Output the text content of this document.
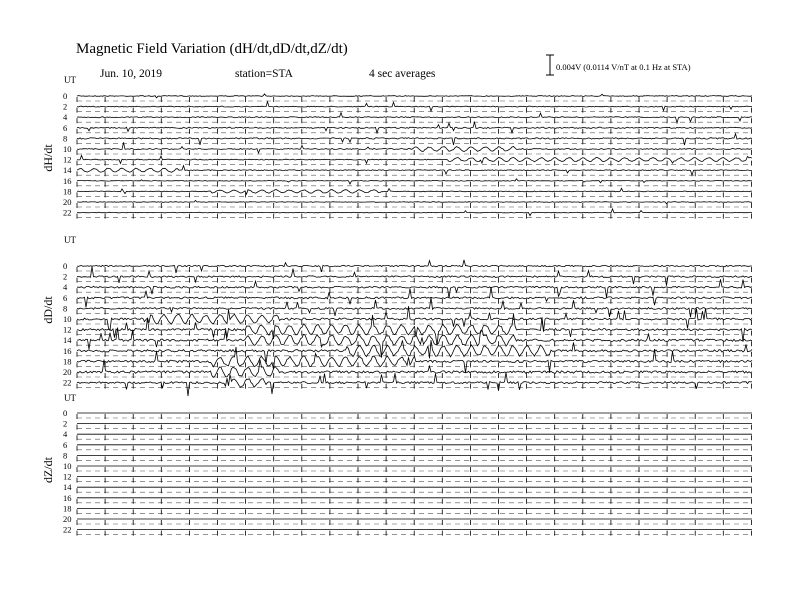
Magnetic Field Variation (dH/dt,dD/dt,dZ/dt)
Jun. 10, 2019	station=STA	4 sec averages
0.004V (0.0114 V/nT at 0.1 Hz at STA)
UT
dH/dt
0
2
4
6
8
10
12
14
16
18
20
22
UT
dD/dt
0
2
4
6
8
10
12
14
16
18
20
22
UT
dZ/dt
0
2
4
6
8
10
12
14
16
18
20
22
